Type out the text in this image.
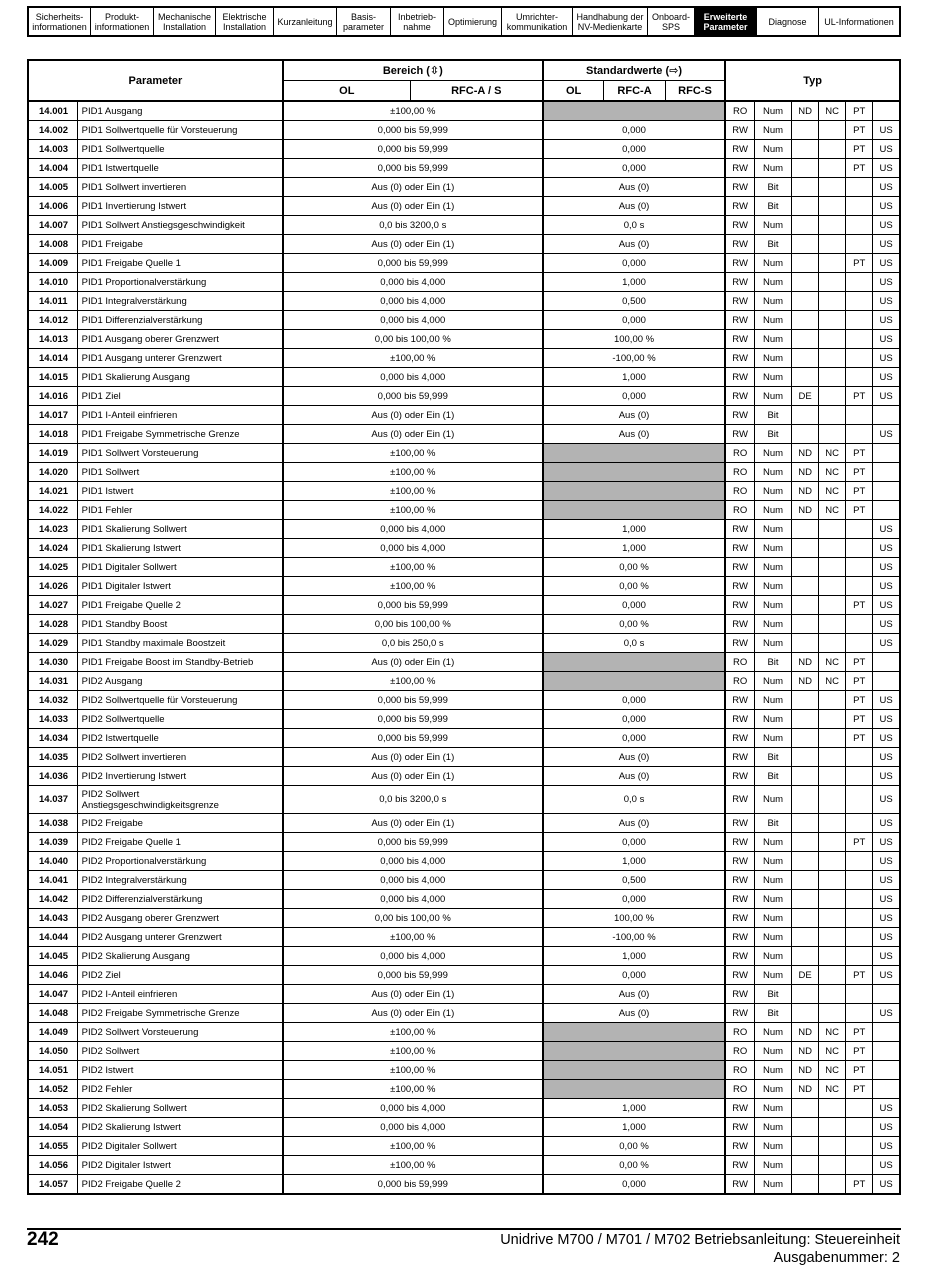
Sicherheits-
informationen
Produkt-
informationen
Mechanische
Installation
Elektrische
Installation	Kurzanleitung	Basis-
parameter
Inbetrieb-
nahme	Optimierung	Umrichter-
kommunikation
Handhabung der
NV-Medienkarte
Onboard-
SPS
Erweiterte
Parameter	Diagnose	UL-Informationen
Parameter		Bereich (⇳)		Standardwerte (⇨)			Typ					
		OL	RFC-A / S	OL	RFC-A	RFC-S						
14.001	PID1 Ausgang	±100,00 %					RO	Num	ND	NC	PT	
14.002	PID1 Sollwertquelle für Vorsteuerung	0,000 bis 59,999		0,000			RW	Num			PT	US
14.003	PID1 Sollwertquelle	0,000 bis 59,999		0,000			RW	Num			PT	US
14.004	PID1 Istwertquelle	0,000 bis 59,999		0,000			RW	Num			PT	US
14.005	PID1 Sollwert invertieren	Aus (0) oder Ein (1)		Aus (0)			RW	Bit				US
14.006	PID1 Invertierung Istwert	Aus (0) oder Ein (1)		Aus (0)			RW	Bit				US
14.007	PID1 Sollwert Anstiegsgeschwindigkeit	0,0 bis 3200,0 s		0,0 s			RW	Num				US
14.008	PID1 Freigabe	Aus (0) oder Ein (1)		Aus (0)			RW	Bit				US
14.009	PID1 Freigabe Quelle 1	0,000 bis 59,999		0,000			RW	Num			PT	US
14.010	PID1 Proportionalverstärkung	0,000 bis 4,000		1,000			RW	Num				US
14.011	PID1 Integralverstärkung	0,000 bis 4,000		0,500			RW	Num				US
14.012	PID1 Differenzialverstärkung	0,000 bis 4,000		0,000			RW	Num				US
14.013	PID1 Ausgang oberer Grenzwert	0,00 bis 100,00 %		100,00 %			RW	Num				US
14.014	PID1 Ausgang unterer Grenzwert	±100,00 %		-100,00 %			RW	Num				US
14.015	PID1 Skalierung Ausgang	0,000 bis 4,000		1,000			RW	Num				US
14.016	PID1 Ziel	0,000 bis 59,999		0,000			RW	Num	DE		PT	US
14.017	PID1 I-Anteil einfrieren	Aus (0) oder Ein (1)		Aus (0)			RW	Bit				
14.018	PID1 Freigabe Symmetrische Grenze	Aus (0) oder Ein (1)		Aus (0)			RW	Bit				US
14.019	PID1 Sollwert Vorsteuerung	±100,00 %					RO	Num	ND	NC	PT	
14.020	PID1 Sollwert	±100,00 %					RO	Num	ND	NC	PT	
14.021	PID1 Istwert	±100,00 %					RO	Num	ND	NC	PT	
14.022	PID1 Fehler	±100,00 %					RO	Num	ND	NC	PT	
14.023	PID1 Skalierung Sollwert	0,000 bis 4,000		1,000			RW	Num				US
14.024	PID1 Skalierung Istwert	0,000 bis 4,000		1,000			RW	Num				US
14.025	PID1 Digitaler Sollwert	±100,00 %		0,00 %			RW	Num				US
14.026	PID1 Digitaler Istwert	±100,00 %		0,00 %			RW	Num				US
14.027	PID1 Freigabe Quelle 2	0,000 bis 59,999		0,000			RW	Num			PT	US
14.028	PID1 Standby Boost	0,00 bis 100,00 %		0,00 %			RW	Num				US
14.029	PID1 Standby maximale Boostzeit	0,0 bis 250,0 s		0,0 s			RW	Num				US
14.030	PID1 Freigabe Boost im Standby-Betrieb	Aus (0) oder Ein (1)					RO	Bit	ND	NC	PT	
14.031	PID2 Ausgang	±100,00 %					RO	Num	ND	NC	PT	
14.032	PID2 Sollwertquelle für Vorsteuerung	0,000 bis 59,999		0,000			RW	Num			PT	US
14.033	PID2 Sollwertquelle	0,000 bis 59,999		0,000			RW	Num			PT	US
14.034	PID2 Istwertquelle	0,000 bis 59,999		0,000			RW	Num			PT	US
14.035	PID2 Sollwert invertieren	Aus (0) oder Ein (1)		Aus (0)			RW	Bit				US
14.036	PID2 Invertierung Istwert	Aus (0) oder Ein (1)		Aus (0)			RW	Bit				US
14.037	PID2 Sollwert
Anstiegsgeschwindigkeitsgrenze	0,0 bis 3200,0 s		0,0 s			RW	Num				US
14.038	PID2 Freigabe	Aus (0) oder Ein (1)		Aus (0)			RW	Bit				US
14.039	PID2 Freigabe Quelle 1	0,000 bis 59,999		0,000			RW	Num			PT	US
14.040	PID2 Proportionalverstärkung	0,000 bis 4,000		1,000			RW	Num				US
14.041	PID2 Integralverstärkung	0,000 bis 4,000		0,500			RW	Num				US
14.042	PID2 Differenzialverstärkung	0,000 bis 4,000		0,000			RW	Num				US
14.043	PID2 Ausgang oberer Grenzwert	0,00 bis 100,00 %		100,00 %			RW	Num				US
14.044	PID2 Ausgang unterer Grenzwert	±100,00 %		-100,00 %			RW	Num				US
14.045	PID2 Skalierung Ausgang	0,000 bis 4,000		1,000			RW	Num				US
14.046	PID2 Ziel	0,000 bis 59,999		0,000			RW	Num	DE		PT	US
14.047	PID2 I-Anteil einfrieren	Aus (0) oder Ein (1)		Aus (0)			RW	Bit				
14.048	PID2 Freigabe Symmetrische Grenze	Aus (0) oder Ein (1)		Aus (0)			RW	Bit				US
14.049	PID2 Sollwert Vorsteuerung	±100,00 %					RO	Num	ND	NC	PT	
14.050	PID2 Sollwert	±100,00 %					RO	Num	ND	NC	PT	
14.051	PID2 Istwert	±100,00 %					RO	Num	ND	NC	PT	
14.052	PID2 Fehler	±100,00 %					RO	Num	ND	NC	PT	
14.053	PID2 Skalierung Sollwert	0,000 bis 4,000		1,000			RW	Num				US
14.054	PID2 Skalierung Istwert	0,000 bis 4,000		1,000			RW	Num				US
14.055	PID2 Digitaler Sollwert	±100,00 %		0,00 %			RW	Num				US
14.056	PID2 Digitaler Istwert	±100,00 %		0,00 %			RW	Num				US
14.057	PID2 Freigabe Quelle 2	0,000 bis 59,999		0,000			RW	Num			PT	US
242	Unidrive M700 / M701 / M702 Betriebsanleitung: Steuereinheit
Ausgabenummer: 2
